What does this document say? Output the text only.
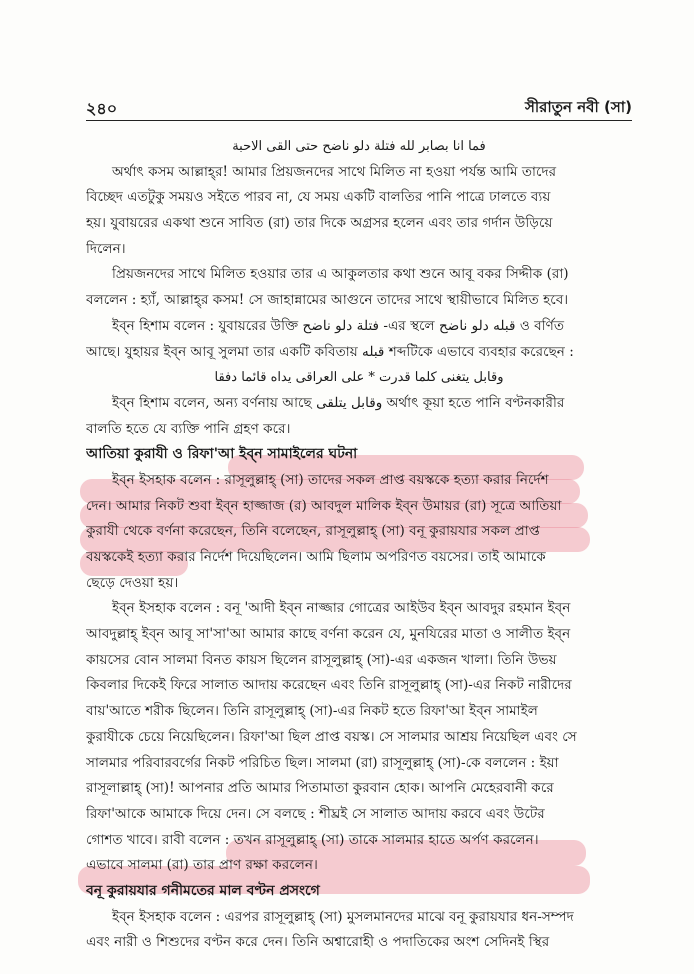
২৪০	সীরাতুন নবী (সা)
فما انا بصابر لله فتلة دلو ناضح حتى القى الاحبة
অর্থাৎ কসম আল্লাহ্‌র! আমার প্রিয়জনদের সাথে মিলিত না হওয়া পর্যন্ত আমি তাদের
বিচ্ছেদ এতটুকু সময়ও সইতে পারব না, যে সময় একটি বালতির পানি পাত্রে ঢালতে ব্যয়
হয়। যুবায়রের একথা শুনে সাবিত (রা) তার দিকে অগ্রসর হলেন এবং তার গর্দান উড়িয়ে
দিলেন।
প্রিয়জনদের সাথে মিলিত হওয়ার তার এ আকুলতার কথা শুনে আবূ বকর সিদ্দীক (রা)
বললেন : হ্যাঁ, আল্লাহ্‌র কসম! সে জাহান্নামের আগুনে তাদের সাথে স্থায়ীভাবে মিলিত হবে।
ইব্‌ন হিশাম বলেন : যুবায়রের উক্তি فتلة دلو ناضح -এর স্থলে قبله دلو ناضح ও বর্ণিত
আছে। যুহায়র ইব্‌ন আবূ সুলমা তার একটি কবিতায় قبله শব্দটিকে এভাবে ব্যবহার করেছেন :
وقابل يتغنى كلما قدرت * على العراقى يداه قائما دفقا
ইব্‌ন হিশাম বলেন, অন্য বর্ণনায় আছে وقابل يتلقى অর্থাৎ কূয়া হতে পানি বণ্টনকারীর
বালতি হতে যে ব্যক্তি পানি গ্রহণ করে।
আতিয়া কুরাযী ও রিফা'আ ইব্‌ন সামাইলের ঘটনা
ইব্‌ন ইসহাক বলেন : রাসূলুল্লাহ্‌ (সা) তাদের সকল প্রাপ্ত বয়স্ককে হত্যা করার নির্দেশ
দেন। আমার নিকট শুবা ইব্‌ন হাজ্জাজ (র) আবদুল মালিক ইব্‌ন উমায়র (রা) সূত্রে আতিয়া
কুরাযী থেকে বর্ণনা করেছেন, তিনি বলেছেন, রাসূলুল্লাহ্‌ (সা) বনূ কুরায়যার সকল প্রাপ্ত
বয়স্ককেই হত্যা করার নির্দেশ দিয়েছিলেন। আমি ছিলাম অপরিণত বয়সের। তাই আমাকে
ছেড়ে দেওয়া হয়।
ইব্‌ন ইসহাক বলেন : বনূ 'আদী ইব্‌ন নাজ্জার গোত্রের আইউব ইব্‌ন আবদুর রহমান ইব্‌ন
আবদুল্লাহ্‌ ইব্‌ন আবূ সা'সা'আ আমার কাছে বর্ণনা করেন যে, মুনযিরের মাতা ও সালীত ইব্‌ন
কায়সের বোন সালমা বিনত কায়স ছিলেন রাসূলুল্লাহ্‌ (সা)-এর একজন খালা। তিনি উভয়
কিবলার দিকেই ফিরে সালাত আদায় করেছেন এবং তিনি রাসূলুল্লাহ্‌ (সা)-এর নিকট নারীদের
বায়'আতে শরীক ছিলেন। তিনি রাসূলুল্লাহ্‌ (সা)-এর নিকট হতে রিফা'আ ইব্‌ন সামাইল
কুরাযীকে চেয়ে নিয়েছিলেন। রিফা'আ ছিল প্রাপ্ত বয়স্ক। সে সালমার আশ্রয় নিয়েছিল এবং সে
সালমার পরিবারবর্গের নিকট পরিচিত ছিল। সালমা (রা) রাসূলুল্লাহ্‌ (সা)-কে বললেন : ইয়া
রাসূলাল্লাহ্‌ (সা)! আপনার প্রতি আমার পিতামাতা কুরবান হোক। আপনি মেহেরবানী করে
রিফা'আকে আমাকে দিয়ে দেন। সে বলছে : শীঘ্রই সে সালাত আদায় করবে এবং উটের
গোশত খাবে। রাবী বলেন : তখন রাসূলুল্লাহ্‌ (সা) তাকে সালমার হাতে অর্পণ করলেন।
এভাবে সালমা (রা) তার প্রাণ রক্ষা করলেন।
বনূ কুরায়যার গনীমতের মাল বণ্টন প্রসংগে
ইব্‌ন ইসহাক বলেন : এরপর রাসূলুল্লাহ্‌ (সা) মুসলমানদের মাঝে বনূ কুরায়যার ধন-সম্পদ
এবং নারী ও শিশুদের বণ্টন করে দেন। তিনি অশ্বারোহী ও পদাতিকের অংশ সেদিনই স্থির
